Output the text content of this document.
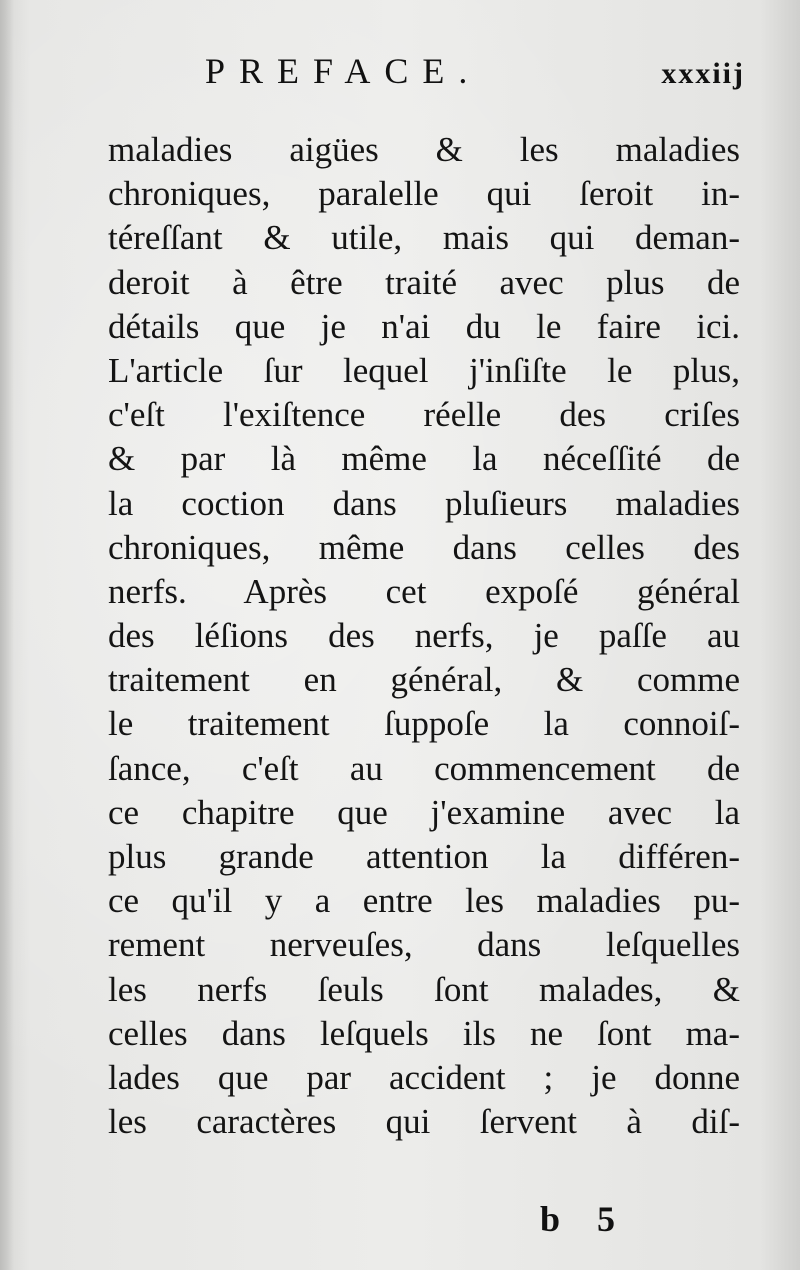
PREFACE.	xxxiij
maladies aigües & les maladies
chroniques, paralelle qui ſeroit in-
téreſſant & utile, mais qui deman-
deroit à être traité avec plus de
détails que je n'ai du le faire ici.
L'article ſur lequel j'inſiſte le plus,
c'eſt l'exiſtence réelle des criſes
& par là même la néceſſité de
la coction dans pluſieurs maladies
chroniques, même dans celles des
nerfs. Après cet expoſé général
des léſions des nerfs, je paſſe au
traitement en général, & comme
le traitement ſuppoſe la connoiſ-
ſance, c'eſt au commencement de
ce chapitre que j'examine avec la
plus grande attention la différen-
ce qu'il y a entre les maladies pu-
rement nerveuſes, dans leſquelles
les nerfs ſeuls ſont malades, &
celles dans leſquels ils ne ſont ma-
lades que par accident ; je donne
les caractères qui ſervent à diſ-
b 5
